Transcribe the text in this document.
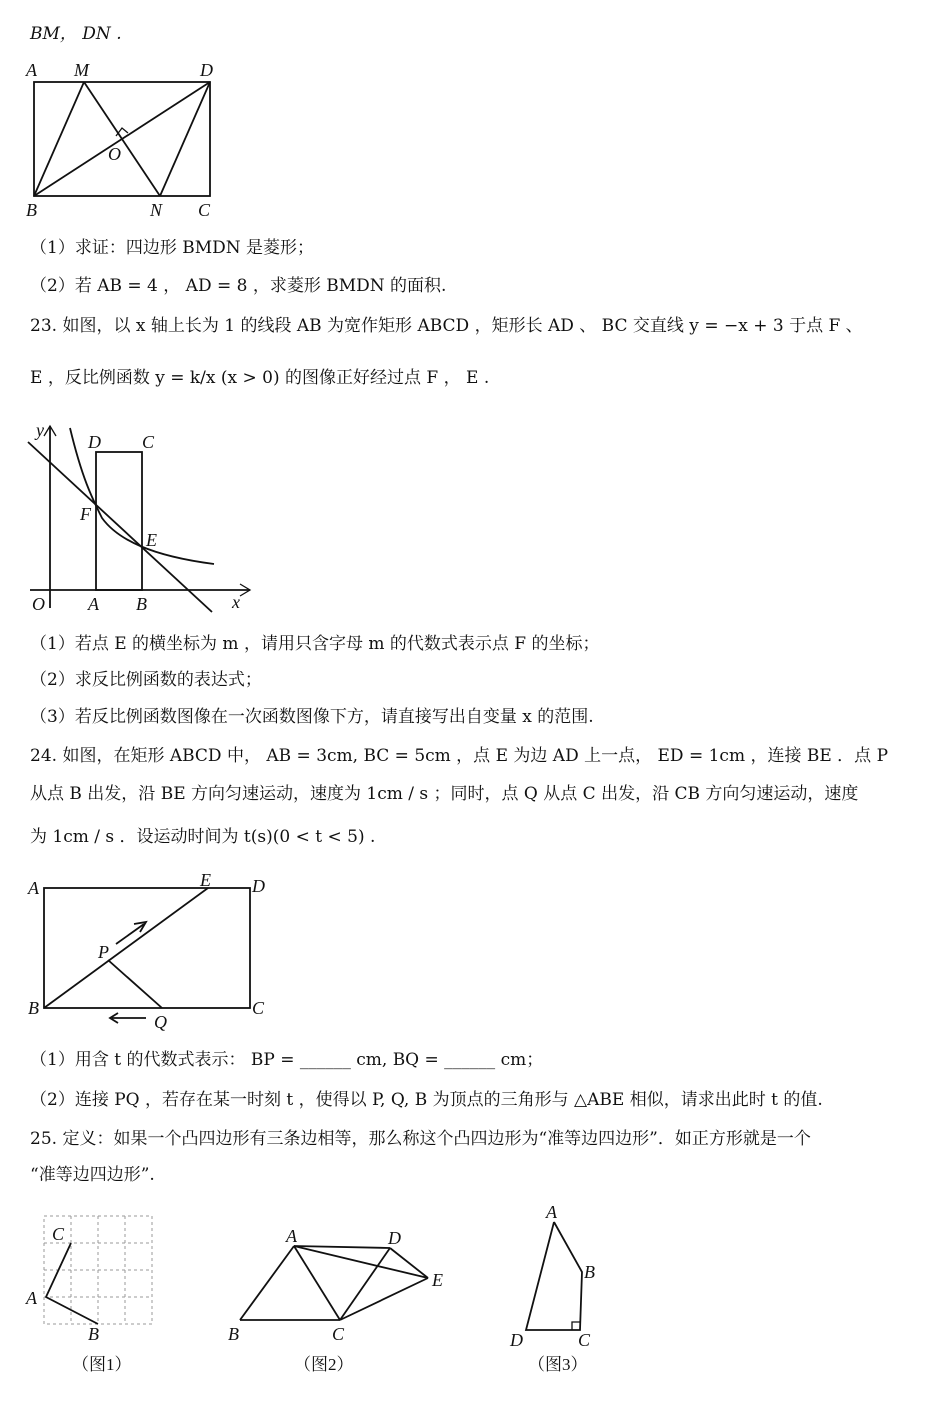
BM， DN .
A M	D
O
B	N C
（1）求证：四边形 BMDN 是菱形；
（2）若 AB = 4 ， AD = 8 ，求菱形 BMDN 的面积.
23. 如图，以 x 轴上长为 1 的线段 AB 为宽作矩形 ABCD ，矩形长 AD 、 BC 交直线 y = −x + 3 于点 F 、
E ，反比例函数 y = k/x (x > 0) 的图像正好经过点 F ， E .
y
x
O A B
D C
F
E
（1）若点 E 的横坐标为 m ，请用只含字母 m 的代数式表示点 F 的坐标；
（2）求反比例函数的表达式；
（3）若反比例函数图像在一次函数图像下方，请直接写出自变量 x 的范围.
24. 如图，在矩形 ABCD 中， AB = 3cm, BC = 5cm ，点 E 为边 AD 上一点， ED = 1cm ，连接 BE ．点 P
从点 B 出发，沿 BE 方向匀速运动，速度为 1cm / s ；同时，点 Q 从点 C 出发，沿 CB 方向匀速运动，速度
为 1cm / s ．设运动时间为 t(s)(0 < t < 5) .
A	E D
P
B
Q
C
（1）用含 t 的代数式表示： BP = ______ cm, BQ = ______ cm；
（2）连接 PQ ，若存在某一时刻 t ，使得以 P, Q, B 为顶点的三角形与 △ABE 相似，请求出此时 t 的值.
25. 定义：如果一个凸四边形有三条边相等，那么称这个凸四边形为“准等边四边形”．如正方形就是一个
“准等边四边形”.
C
A
B
（图1）
A	D
E
B	C
（图2）
A
B
D	C
（图3）
